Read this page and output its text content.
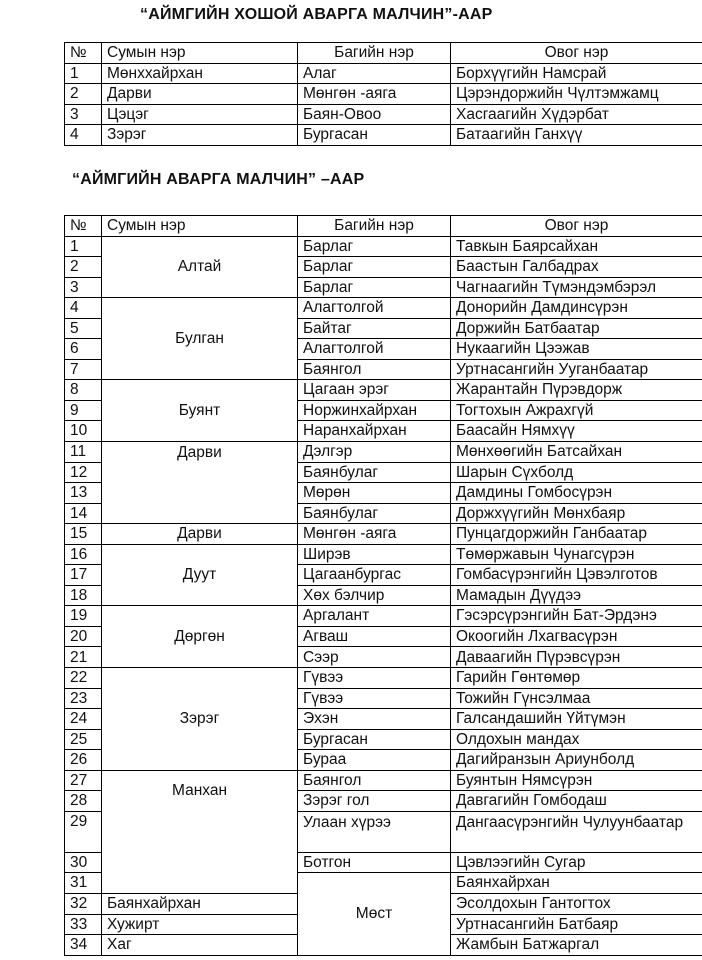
“АЙМГИЙН ХОШОЙ АВАРГА МАЛЧИН”-ААР
№	Сумын нэр	Багийн нэр	Овог нэр
1	Мөнххайрхан	Алаг	Борхүүгийн Намсрай
2	Дарви	Мөнгөн -аяга	Цэрэндоржийн Чүлтэмжамц
3	Цэцэг	Баян-Овоо	Хасгаагийн Хүдэрбат
4	Зэрэг	Бургасан	Батаагийн Ганхүү
“АЙМГИЙН АВАРГА МАЛЧИН” –ААР
№	Сумын нэр	Багийн нэр	Овог нэр	
1	Алтай	Барлаг	Тавкын Баярсайхан	
2		Барлаг	Баастын Галбадрах	
3		Барлаг	Чагнаагийн Түмэндэмбэрэл	
4	Булган	Алагтолгой	Донорийн Дамдинсүрэн	
5		Байтаг	Доржийн Батбаатар	
6		Алагтолгой	Нукаагийн Цээжав	
7		Баянгол	Уртнасангийн Ууганбаатар	
8	Буянт	Цагаан эрэг	Жарантайн Пүрэвдорж	
9		Норжинхайрхан	Тогтохын Ажрахгүй	
10		Наранхайрхан	Баасайн Нямхүү	
11	Дарви	Дэлгэр	Мөнхөөгийн Батсайхан	
12		Баянбулаг	Шарын Сүхболд	
13		Мөрөн	Дамдины Гомбосүрэн	
14		Баянбулаг	Доржхүүгийн Мөнхбаяр	
15	Дарви	Мөнгөн -аяга	Пунцагдоржийн Ганбаатар	
16	Дуут	Ширэв	Төмөржавын Чунагсүрэн	
17		Цагаанбургас	Гомбасүрэнгийн Цэвэлготов	
18		Хөх бэлчир	Мамадын Дүүдээ	
19	Дөргөн	Аргалант	Гэсэрсүрэнгийн Бат-Эрдэнэ	
20		Агваш	Окоогийн Лхагвасүрэн	
21		Сээр	Даваагийн Пүрэвсүрэн	
22	Зэрэг	Гүвээ	Гарийн Гөнтөмөр	
23		Гүвээ	Тожийн Гүнсэлмаа	
24		Эхэн	Галсандашийн Үйтүмэн	
25		Бургасан	Олдохын мандах	
26		Бураа	Дагийранзын Ариунболд	
27	Манхан	Баянгол	Буянтын Нямсүрэн	
28		Зэрэг гол	Давгагийн Гомбодаш	
29		Улаан хүрээ	Дангаасүрэнгийн Чулуунбаатар	
30		Ботгон	Цэвлээгийн Сугар	
31		Мөст	Баянхайрхан	
32	Баянхайрхан		Эсолдохын Гантогтох	
33	Хужирт		Уртнасангийн Батбаяр	
34	Хаг		Жамбын Батжаргал	
